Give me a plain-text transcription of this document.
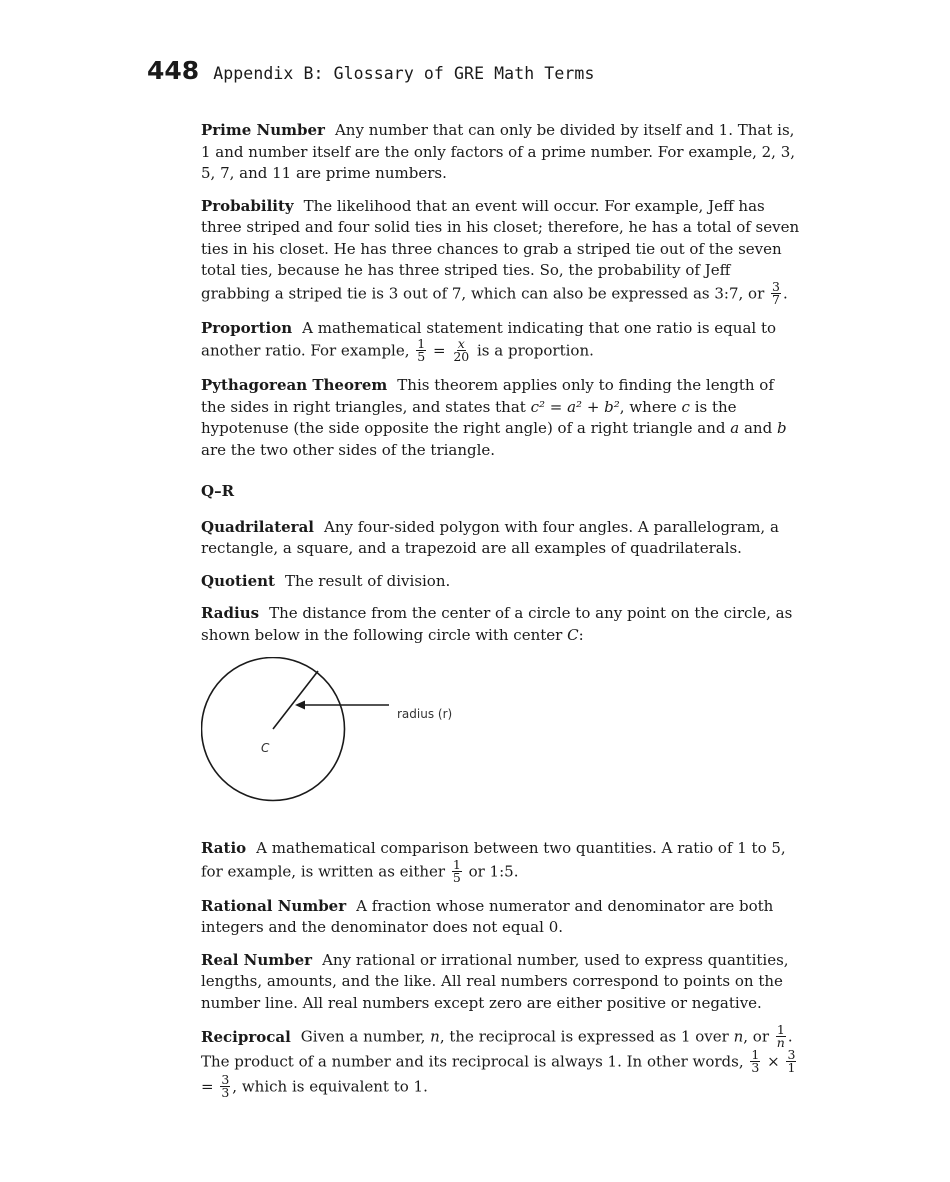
448 Appendix B: Glossary of GRE Math Terms

Prime Number Any number that can only be divided by itself and 1. That is, 1 and number itself are the only factors of a prime number. For example, 2, 3, 5, 7, and 11 are prime numbers.

Probability The likelihood that an event will occur. For example, Jeff has three striped and four solid ties in his closet; therefore, he has a total of seven ties in his closet. He has three chances to grab a striped tie out of the seven total ties, because he has three striped ties. So, the probability of Jeff grabbing a striped tie is 3 out of 7, which can also be expressed as 3:7, or $\frac{3}{7}$ .

Proportion A mathematical statement indicating that one ratio is equal to another ratio. For example, $\frac{1}{5} = \frac{x}{20}$ is a proportion.

Pythagorean Theorem This theorem applies only to finding the length of the sides in right triangles, and states that c² = a² + b², where c is the hypotenuse (the side opposite the right angle) of a right triangle and a and b are the two other sides of the triangle.

Q–R

Quadrilateral Any four-sided polygon with four angles. A parallelogram, a rectangle, a square, and a trapezoid are all examples of quadrilaterals.

Quotient The result of division.

Radius The distance from the center of a circle to any point on the circle, as shown below in the following circle with center C:

radius (r)
C

Ratio A mathematical comparison between two quantities. A ratio of 1 to 5, for example, is written as either $\frac{1}{5}$ or 1:5.

Rational Number A fraction whose numerator and denominator are both integers and the denominator does not equal 0.

Real Number Any rational or irrational number, used to express quantities, lengths, amounts, and the like. All real numbers correspond to points on the number line. All real numbers except zero are either positive or negative.

Reciprocal Given a number, n, the reciprocal is expressed as 1 over n, or $\frac{1}{n}$ . The product of a number and its reciprocal is always 1. In other words, $\frac{1}{3} \times \frac{3}{1}$
= $\frac{3}{3}$ , which is equivalent to 1.
